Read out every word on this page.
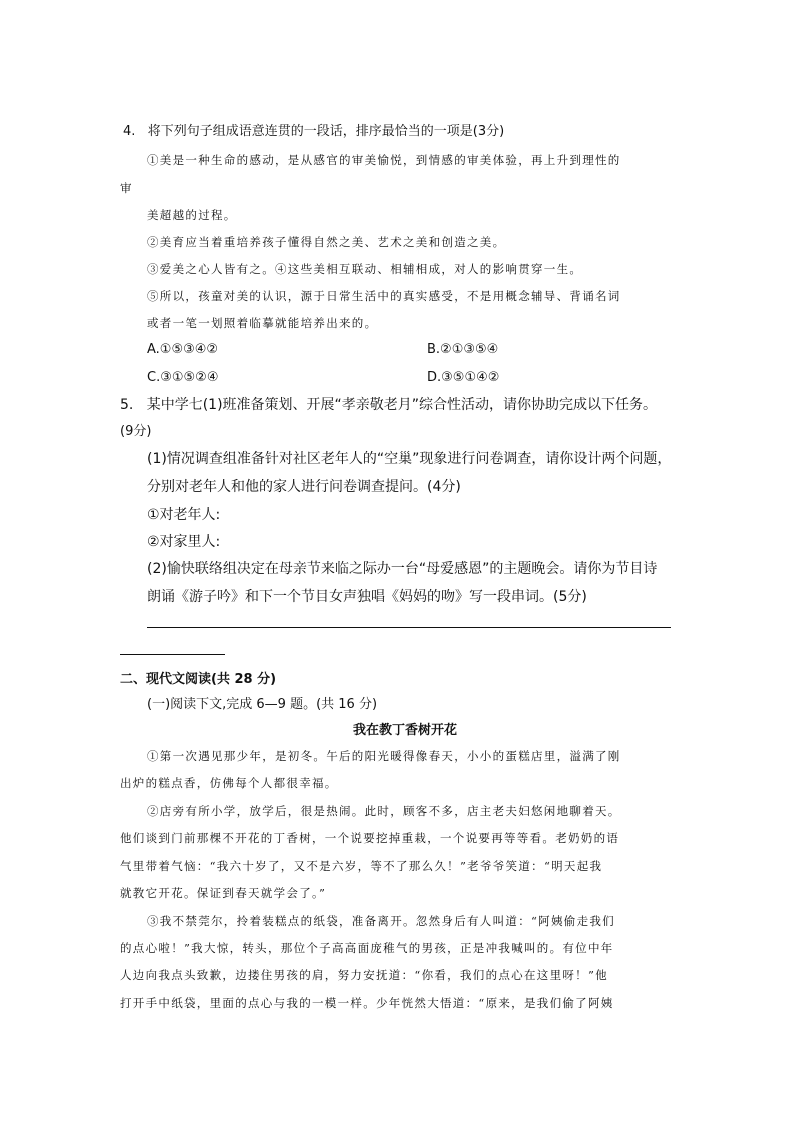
4.   将下列句子组成语意连贯的一段话，排序最恰当的一项是(3分)
①美是一种生命的感动，是从感官的审美愉悦，到情感的审美体验，再上升到理性的
审
美超越的过程。
②美育应当着重培养孩子懂得自然之美、艺术之美和创造之美。
③爱美之心人皆有之。④这些美相互联动、相辅相成，对人的影响贯穿一生。
⑤所以，孩童对美的认识，源于日常生活中的真实感受，不是用概念辅导、背诵名词
或者一笔一划照着临摹就能培养出来的。
A.①⑤③④②	B.②①③⑤④
C.③①⑤②④	D.③⑤①④②
5.   某中学七(1)班准备策划、开展“孝亲敬老月”综合性活动，请你协助完成以下任务。
(9分)
(1)情况调查组准备针对社区老年人的“空巢”现象进行问卷调查，请你设计两个问题，
分别对老年人和他的家人进行问卷调查提问。(4分)
①对老年人:
②对家里人:
(2)愉快联络组决定在母亲节来临之际办一台“母爱感恩”的主题晚会。请你为节目诗
朗诵《游子吟》和下一个节目女声独唱《妈妈的吻》写一段串词。(5分)
二、现代文阅读(共 28 分)
(一)阅读下文,完成 6—9 题。(共 16 分)
我在教丁香树开花
①第一次遇见那少年，是初冬。午后的阳光暖得像春天，小小的蛋糕店里，溢满了刚
出炉的糕点香，仿佛每个人都很幸福。
②店旁有所小学，放学后，很是热闹。此时，顾客不多，店主老夫妇悠闲地聊着天。
他们谈到门前那棵不开花的丁香树，一个说要挖掉重栽，一个说要再等等看。老奶奶的语
气里带着气恼：“我六十岁了，又不是六岁，等不了那么久！”老爷爷笑道：“明天起我
就教它开花。保证到春天就学会了。”
③我不禁莞尔，拎着装糕点的纸袋，准备离开。忽然身后有人叫道：“阿姨偷走我们
的点心啦！”我大惊，转头，那位个子高高面庞稚气的男孩，正是冲我喊叫的。有位中年
人边向我点头致歉，边搂住男孩的肩，努力安抚道：“你看，我们的点心在这里呀！”他
打开手中纸袋，里面的点心与我的一模一样。少年恍然大悟道：“原来，是我们偷了阿姨
